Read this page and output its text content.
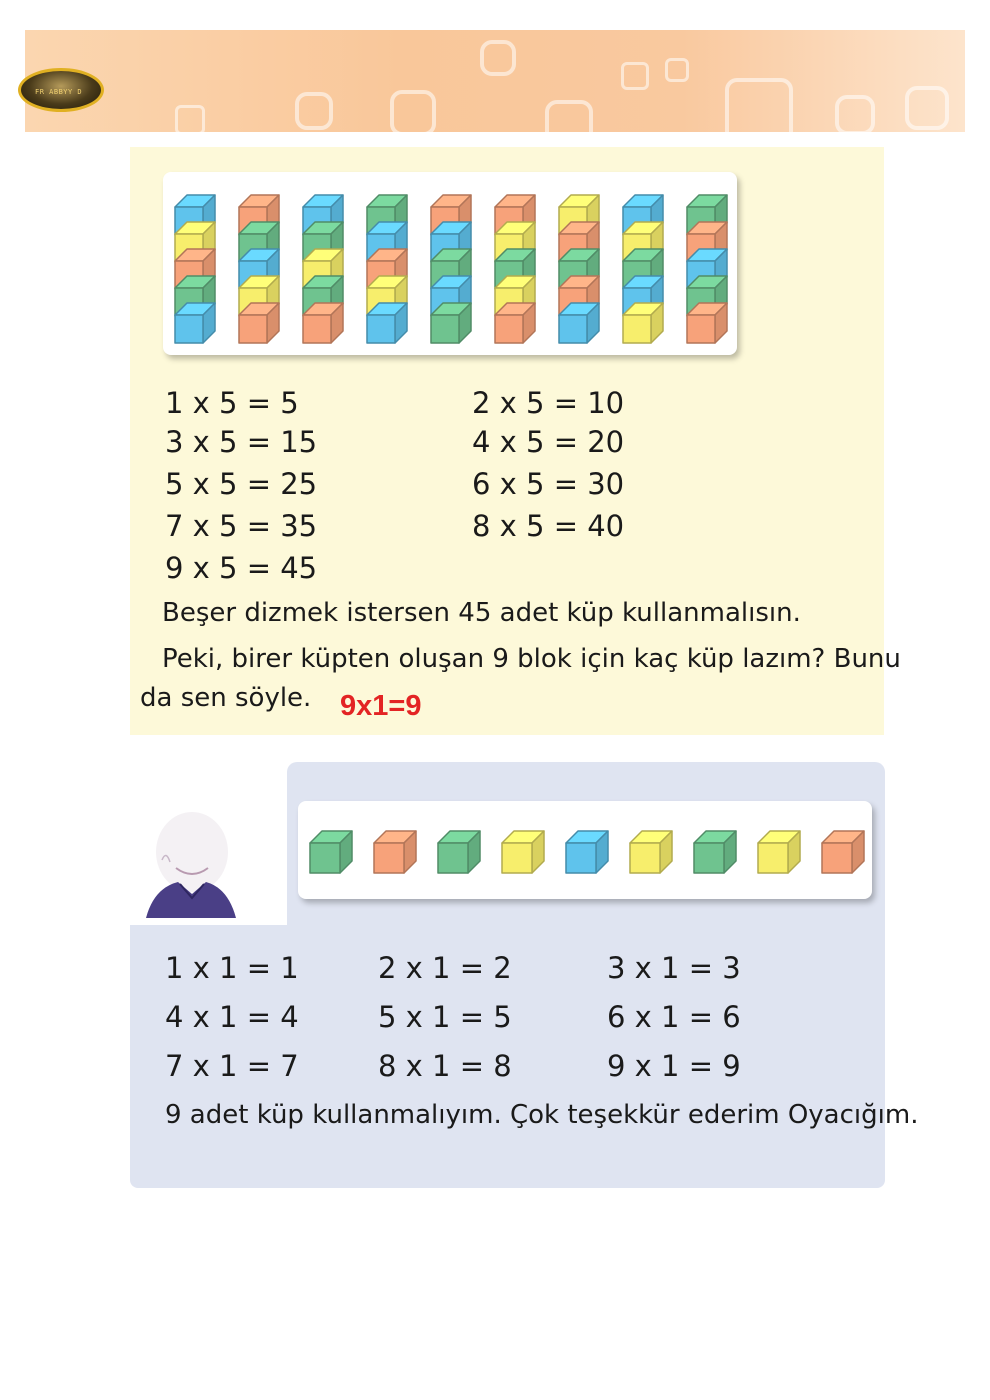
FR ABBYY D
Beşer dizmek istersen 45 adet küp kullanmalısın.
Peki, birer küpten oluşan 9 blok için kaç küp lazım? Bunu
da sen söyle. 9x1=9
9 adet küp kullanmalıyım. Çok teşekkür ederim Oyacığım.
1 x 5 = 5
3 x 5 = 15
5 x 5 = 25
7 x 5 = 35
9 x 5 = 45
2 x 5 = 10
4 x 5 = 20
6 x 5 = 30
8 x 5 = 40
1 x 1 = 1
4 x 1 = 4
7 x 1 = 7
2 x 1 = 2
5 x 1 = 5
8 x 1 = 8
3 x 1 = 3
6 x 1 = 6
9 x 1 = 9
